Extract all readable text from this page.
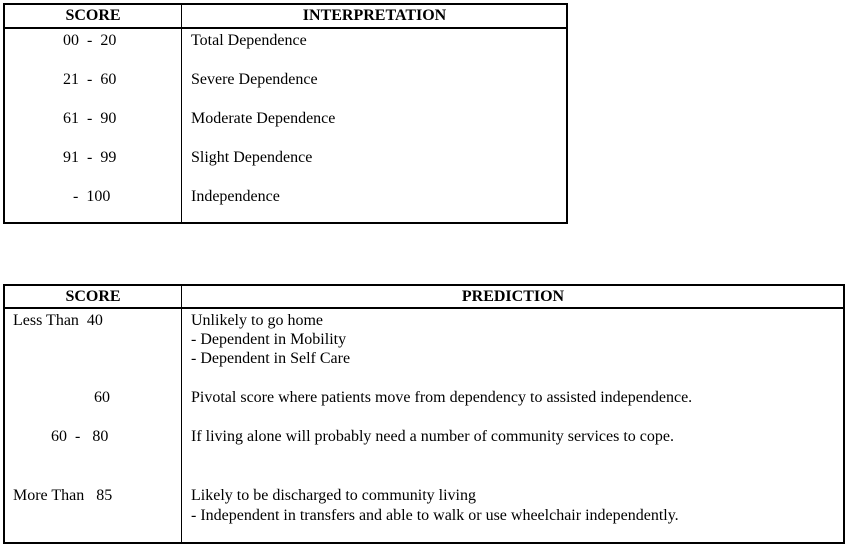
SCORE	INTERPRETATION
00  -  20	Total Dependence
21  -  60	Severe Dependence
61  -  90	Moderate Dependence
91  -  99	Slight Dependence
-  100	Independence
SCORE	PREDICTION
Less Than  40	Unlikely to go home
- Dependent in Mobility
- Dependent in Self Care
60	Pivotal score where patients move from dependency to assisted independence.
60  -   80	If living alone will probably need a number of community services to cope.
More Than   85	Likely to be discharged to community living
- Independent in transfers and able to walk or use wheelchair independently.
